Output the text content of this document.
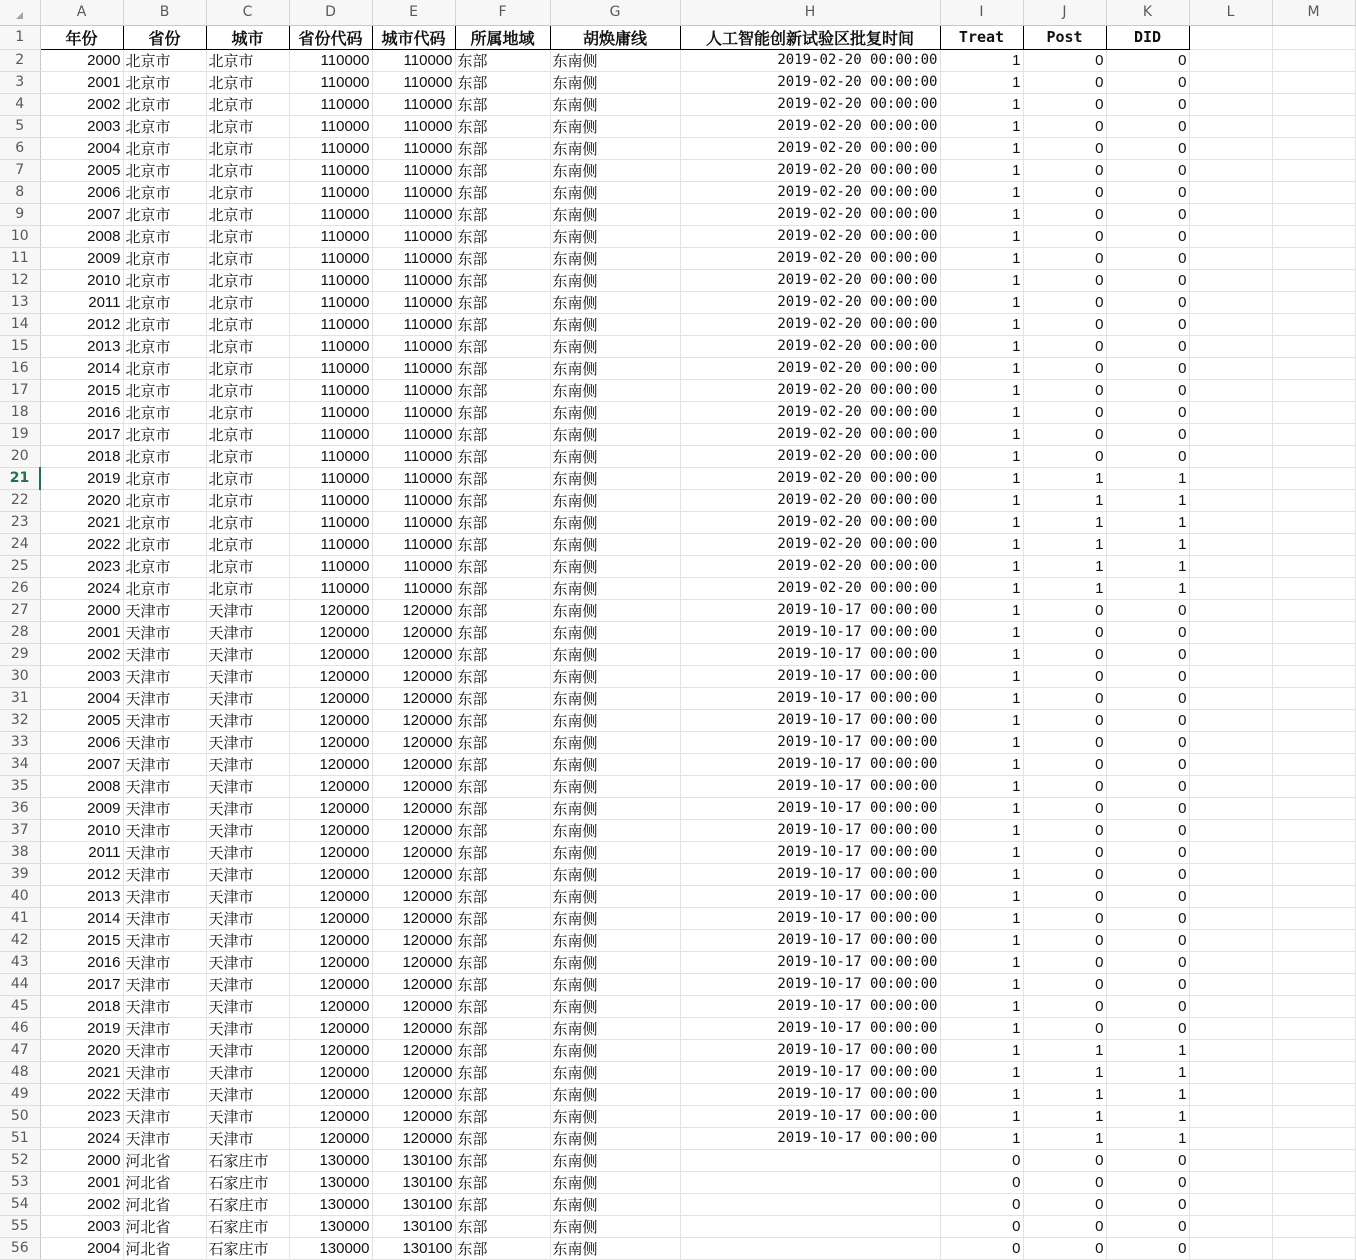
	A	B	C	D	E	F	G	H	I	J	K	L	M
1	年份	省份	城市	省份代码	城市代码	所属地域	胡焕庸线	人工智能创新试验区批复时间	Treat	Post	DID		
2	2000	北京市	北京市	110000	110000	东部	东南侧	2019-02-20 00:00:00	1	0	0		
3	2001	北京市	北京市	110000	110000	东部	东南侧	2019-02-20 00:00:00	1	0	0		
4	2002	北京市	北京市	110000	110000	东部	东南侧	2019-02-20 00:00:00	1	0	0		
5	2003	北京市	北京市	110000	110000	东部	东南侧	2019-02-20 00:00:00	1	0	0		
6	2004	北京市	北京市	110000	110000	东部	东南侧	2019-02-20 00:00:00	1	0	0		
7	2005	北京市	北京市	110000	110000	东部	东南侧	2019-02-20 00:00:00	1	0	0		
8	2006	北京市	北京市	110000	110000	东部	东南侧	2019-02-20 00:00:00	1	0	0		
9	2007	北京市	北京市	110000	110000	东部	东南侧	2019-02-20 00:00:00	1	0	0		
10	2008	北京市	北京市	110000	110000	东部	东南侧	2019-02-20 00:00:00	1	0	0		
11	2009	北京市	北京市	110000	110000	东部	东南侧	2019-02-20 00:00:00	1	0	0		
12	2010	北京市	北京市	110000	110000	东部	东南侧	2019-02-20 00:00:00	1	0	0		
13	2011	北京市	北京市	110000	110000	东部	东南侧	2019-02-20 00:00:00	1	0	0		
14	2012	北京市	北京市	110000	110000	东部	东南侧	2019-02-20 00:00:00	1	0	0		
15	2013	北京市	北京市	110000	110000	东部	东南侧	2019-02-20 00:00:00	1	0	0		
16	2014	北京市	北京市	110000	110000	东部	东南侧	2019-02-20 00:00:00	1	0	0		
17	2015	北京市	北京市	110000	110000	东部	东南侧	2019-02-20 00:00:00	1	0	0		
18	2016	北京市	北京市	110000	110000	东部	东南侧	2019-02-20 00:00:00	1	0	0		
19	2017	北京市	北京市	110000	110000	东部	东南侧	2019-02-20 00:00:00	1	0	0		
20	2018	北京市	北京市	110000	110000	东部	东南侧	2019-02-20 00:00:00	1	0	0		
21	2019	北京市	北京市	110000	110000	东部	东南侧	2019-02-20 00:00:00	1	1	1		
22	2020	北京市	北京市	110000	110000	东部	东南侧	2019-02-20 00:00:00	1	1	1		
23	2021	北京市	北京市	110000	110000	东部	东南侧	2019-02-20 00:00:00	1	1	1		
24	2022	北京市	北京市	110000	110000	东部	东南侧	2019-02-20 00:00:00	1	1	1		
25	2023	北京市	北京市	110000	110000	东部	东南侧	2019-02-20 00:00:00	1	1	1		
26	2024	北京市	北京市	110000	110000	东部	东南侧	2019-02-20 00:00:00	1	1	1		
27	2000	天津市	天津市	120000	120000	东部	东南侧	2019-10-17 00:00:00	1	0	0		
28	2001	天津市	天津市	120000	120000	东部	东南侧	2019-10-17 00:00:00	1	0	0		
29	2002	天津市	天津市	120000	120000	东部	东南侧	2019-10-17 00:00:00	1	0	0		
30	2003	天津市	天津市	120000	120000	东部	东南侧	2019-10-17 00:00:00	1	0	0		
31	2004	天津市	天津市	120000	120000	东部	东南侧	2019-10-17 00:00:00	1	0	0		
32	2005	天津市	天津市	120000	120000	东部	东南侧	2019-10-17 00:00:00	1	0	0		
33	2006	天津市	天津市	120000	120000	东部	东南侧	2019-10-17 00:00:00	1	0	0		
34	2007	天津市	天津市	120000	120000	东部	东南侧	2019-10-17 00:00:00	1	0	0		
35	2008	天津市	天津市	120000	120000	东部	东南侧	2019-10-17 00:00:00	1	0	0		
36	2009	天津市	天津市	120000	120000	东部	东南侧	2019-10-17 00:00:00	1	0	0		
37	2010	天津市	天津市	120000	120000	东部	东南侧	2019-10-17 00:00:00	1	0	0		
38	2011	天津市	天津市	120000	120000	东部	东南侧	2019-10-17 00:00:00	1	0	0		
39	2012	天津市	天津市	120000	120000	东部	东南侧	2019-10-17 00:00:00	1	0	0		
40	2013	天津市	天津市	120000	120000	东部	东南侧	2019-10-17 00:00:00	1	0	0		
41	2014	天津市	天津市	120000	120000	东部	东南侧	2019-10-17 00:00:00	1	0	0		
42	2015	天津市	天津市	120000	120000	东部	东南侧	2019-10-17 00:00:00	1	0	0		
43	2016	天津市	天津市	120000	120000	东部	东南侧	2019-10-17 00:00:00	1	0	0		
44	2017	天津市	天津市	120000	120000	东部	东南侧	2019-10-17 00:00:00	1	0	0		
45	2018	天津市	天津市	120000	120000	东部	东南侧	2019-10-17 00:00:00	1	0	0		
46	2019	天津市	天津市	120000	120000	东部	东南侧	2019-10-17 00:00:00	1	0	0		
47	2020	天津市	天津市	120000	120000	东部	东南侧	2019-10-17 00:00:00	1	1	1		
48	2021	天津市	天津市	120000	120000	东部	东南侧	2019-10-17 00:00:00	1	1	1		
49	2022	天津市	天津市	120000	120000	东部	东南侧	2019-10-17 00:00:00	1	1	1		
50	2023	天津市	天津市	120000	120000	东部	东南侧	2019-10-17 00:00:00	1	1	1		
51	2024	天津市	天津市	120000	120000	东部	东南侧	2019-10-17 00:00:00	1	1	1		
52	2000	河北省	石家庄市	130000	130100	东部	东南侧		0	0	0		
53	2001	河北省	石家庄市	130000	130100	东部	东南侧		0	0	0		
54	2002	河北省	石家庄市	130000	130100	东部	东南侧		0	0	0		
55	2003	河北省	石家庄市	130000	130100	东部	东南侧		0	0	0		
56	2004	河北省	石家庄市	130000	130100	东部	东南侧		0	0	0		
